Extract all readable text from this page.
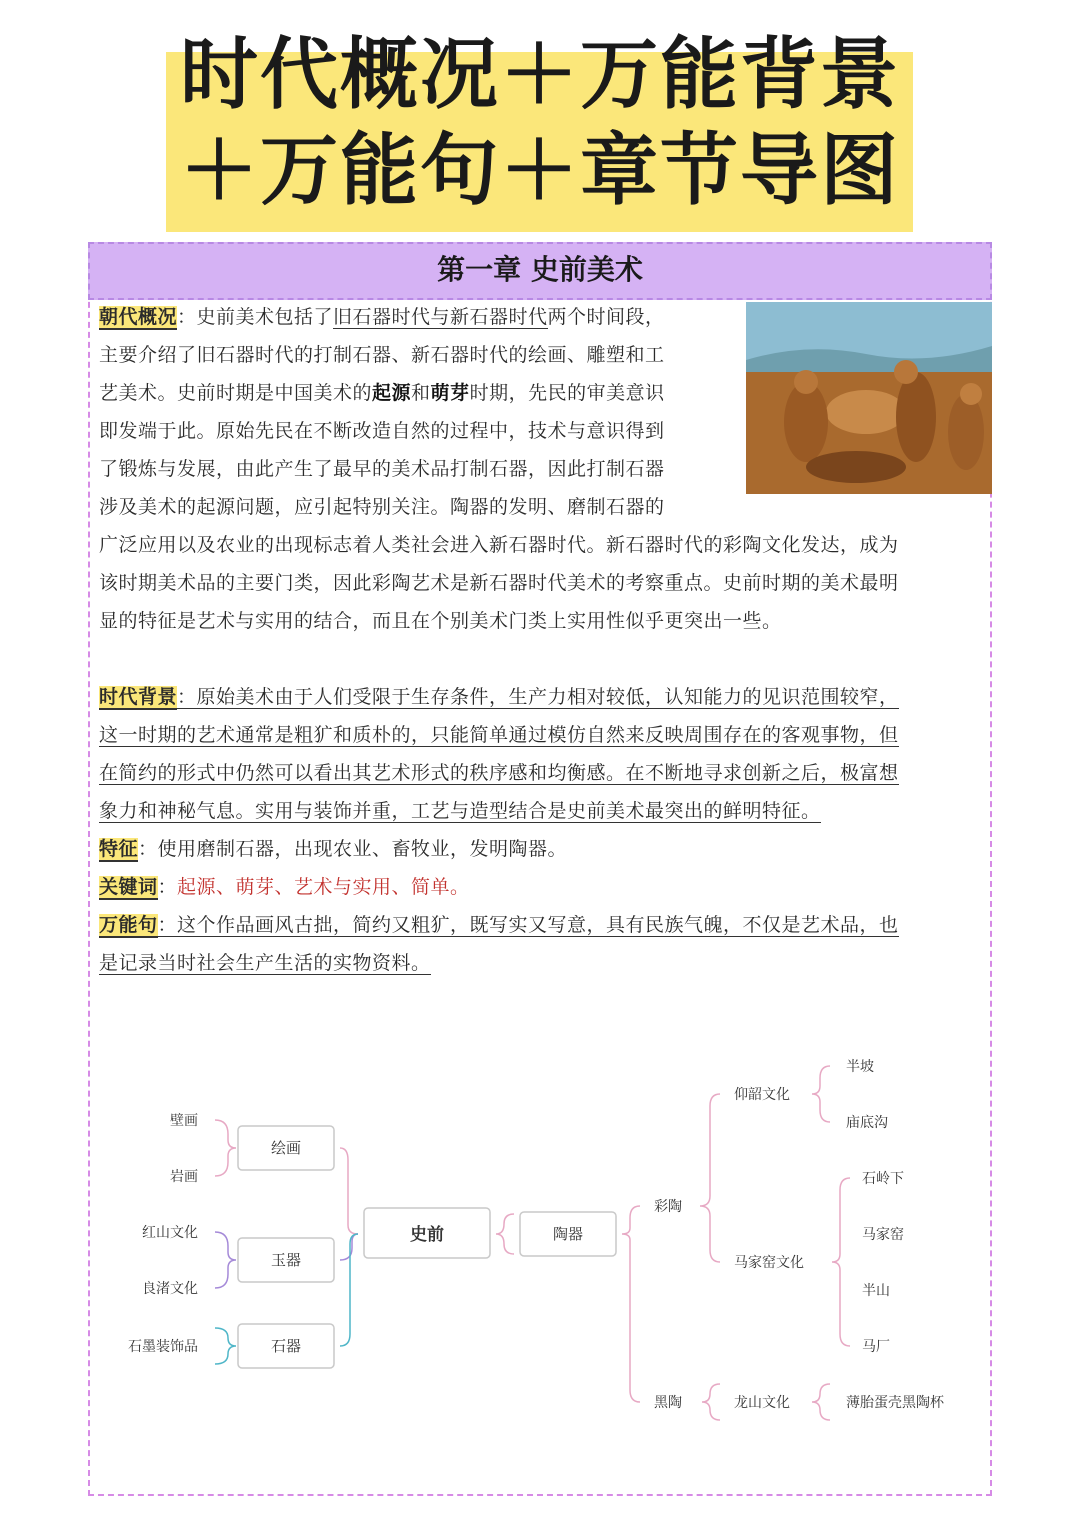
时代概况＋万能背景
＋万能句＋章节导图
第一章 史前美术
朝代概况：史前美术包括了旧石器时代与新石器时代两个时间段，
主要介绍了旧石器时代的打制石器、新石器时代的绘画、雕塑和工
艺美术。史前时期是中国美术的起源和萌芽时期，先民的审美意识
即发端于此。原始先民在不断改造自然的过程中，技术与意识得到
了锻炼与发展，由此产生了最早的美术品打制石器，因此打制石器
涉及美术的起源问题，应引起特别关注。陶器的发明、磨制石器的
广泛应用以及农业的出现标志着人类社会进入新石器时代。新石器时代的彩陶文化发达，成为
该时期美术品的主要门类，因此彩陶艺术是新石器时代美术的考察重点。史前时期的美术最明
显的特征是艺术与实用的结合，而且在个别美术门类上实用性似乎更突出一些。
时代背景：原始美术由于人们受限于生存条件，生产力相对较低，认知能力的见识范围较窄，
这一时期的艺术通常是粗犷和质朴的，只能简单通过模仿自然来反映周围存在的客观事物，但
在简约的形式中仍然可以看出其艺术形式的秩序感和均衡感。在不断地寻求创新之后，极富想
象力和神秘气息。实用与装饰并重，工艺与造型结合是史前美术最突出的鲜明特征。
特征：使用磨制石器，出现农业、畜牧业，发明陶器。
关键词：起源、萌芽、艺术与实用、简单。
万能句：这个作品画风古拙，简约又粗犷，既写实又写意，具有民族气魄，不仅是艺术品，也
是记录当时社会生产生活的实物资料。
绘画
玉器
石器
史前	陶器
壁画
岩画
红山文化
良渚文化
石墨装饰品
彩陶
黑陶
仰韶文化
马家窑文化
龙山文化
半坡
庙底沟
石岭下
马家窑
半山
马厂
薄胎蛋壳黑陶杯
